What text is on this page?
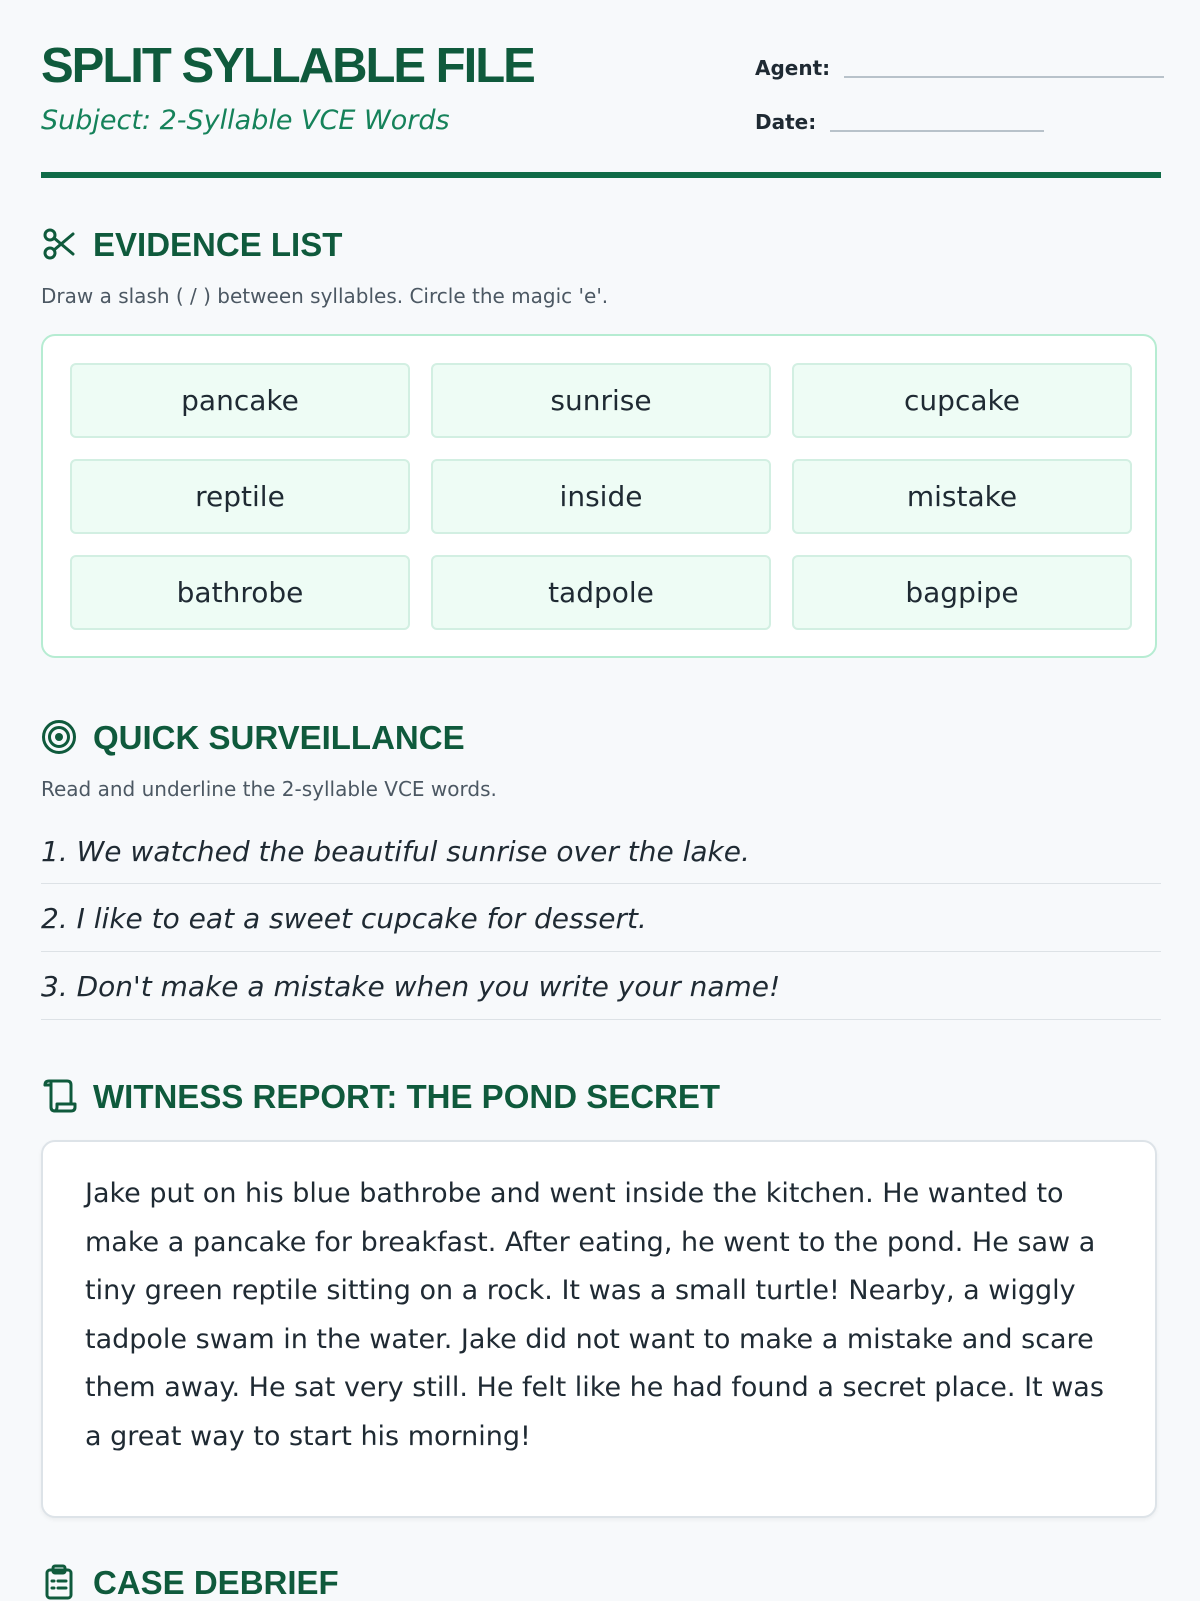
SPLIT SYLLABLE FILE
Subject: 2-Syllable VCE Words
Agent:
Date:
EVIDENCE LIST

Draw a slash ( / ) between syllables. Circle the magic 'e'.

pancake	sunrise	cupcake
reptile	inside	mistake
bathrobe	tadpole	bagpipe
QUICK SURVEILLANCE

Read and underline the 2-syllable VCE words.

1. We watched the beautiful sunrise over the lake.
2. I like to eat a sweet cupcake for dessert.
3. Don't make a mistake when you write your name!
WITNESS REPORT: THE POND SECRET

Jake put on his blue bathrobe and went inside the kitchen. He wanted to make a pancake for breakfast. After eating, he went to the pond. He saw a tiny green reptile sitting on a rock. It was a small turtle! Nearby, a wiggly tadpole swam in the water. Jake did not want to make a mistake and scare them away. He sat very still. He felt like he had found a secret place. It was a great way to start his morning!

CASE DEBRIEF
